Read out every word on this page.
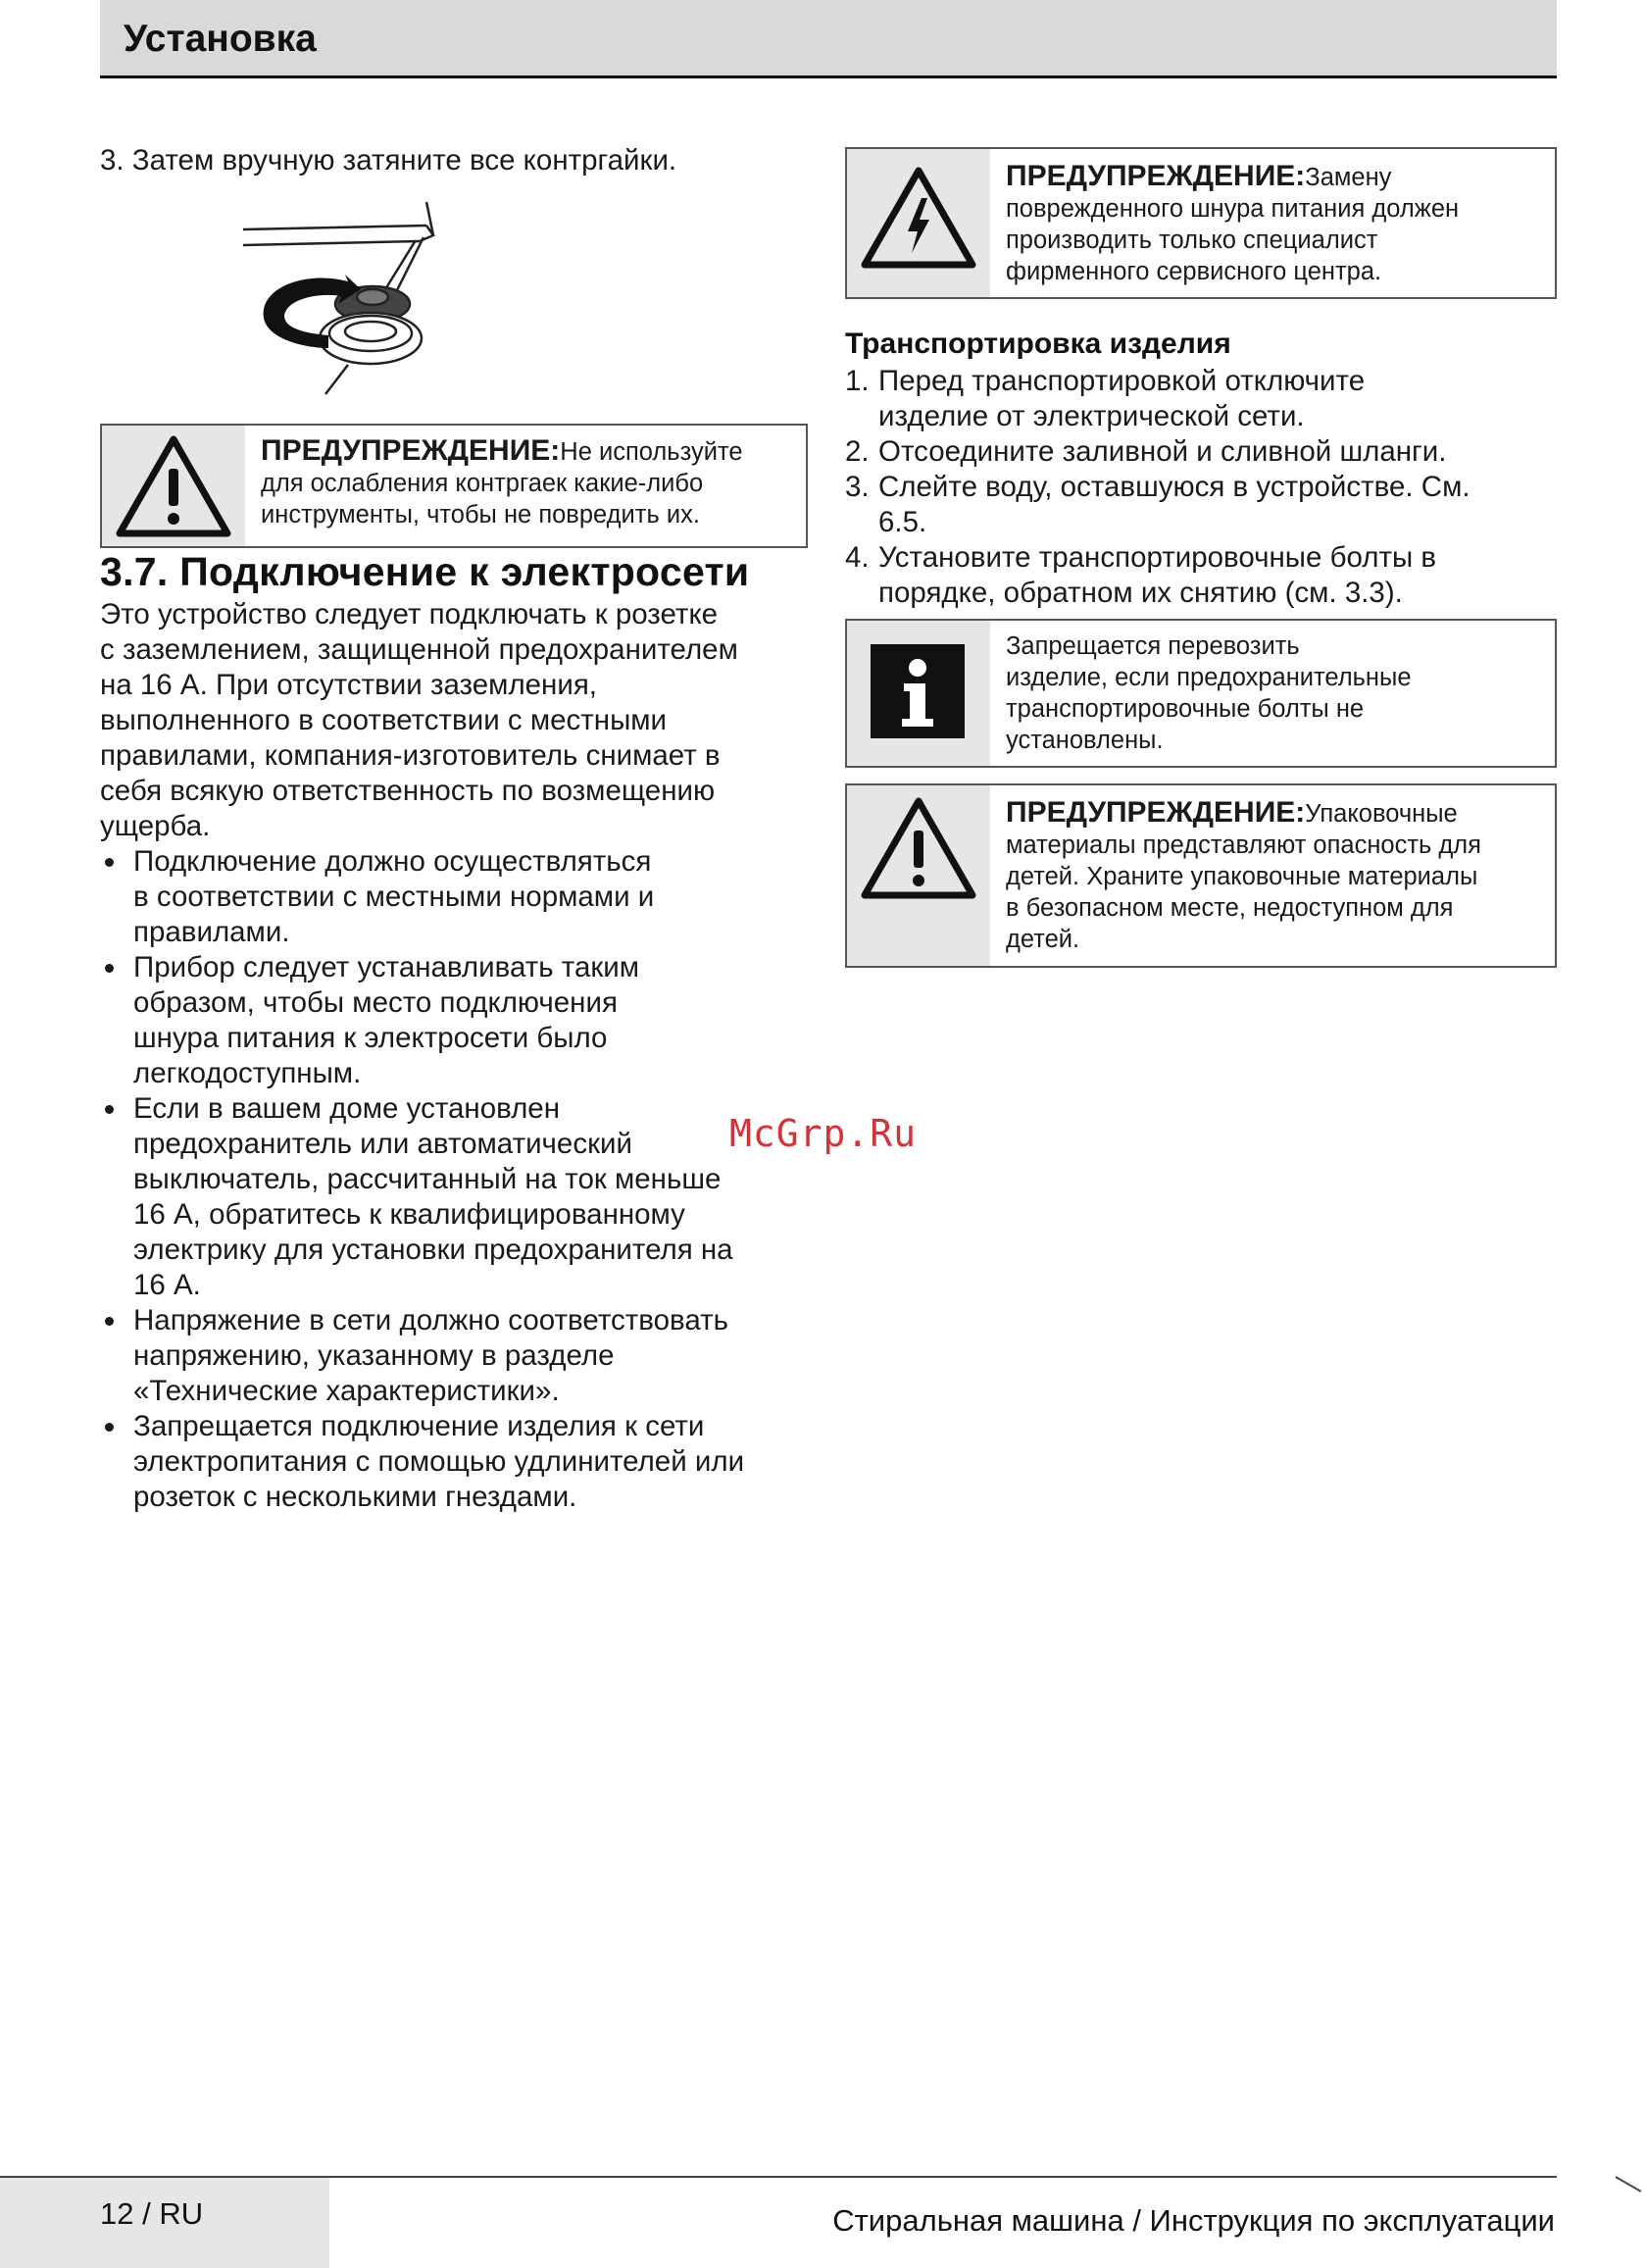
Установка
3. Затем вручную затяните все контргайки.
ПРЕДУПРЕЖДЕНИЕ:Не используйте
для ослабления контргаек какие-либо
инструменты, чтобы не повредить их.
3.7. Подключение к электросети
Это устройство следует подключать к розетке
с заземлением, защищенной предохранителем
на 16 А. При отсутствии заземления,
выполненного в соответствии с местными
правилами, компания-изготовитель снимает в
себя всякую ответственность по возмещению
ущерба.
Подключение должно осуществляться
в соответствии с местными нормами и
правилами.
Прибор следует устанавливать таким
образом, чтобы место подключения
шнура питания к электросети было
легкодоступным.
Если в вашем доме установлен
предохранитель или автоматический
выключатель, рассчитанный на ток меньше
16 А, обратитесь к квалифицированному
электрику для установки предохранителя на
16 А.
Напряжение в сети должно соответствовать
напряжению, указанному в разделе
«Технические характеристики».
Запрещается подключение изделия к сети
электропитания с помощью удлинителей или
розеток с несколькими гнездами.
ПРЕДУПРЕЖДЕНИЕ:Замену
поврежденного шнура питания должен
производить только специалист
фирменного сервисного центра.
Транспортировка изделия
1. Перед транспортировкой отключите
изделие от электрической сети.
2. Отсоедините заливной и сливной шланги.
3. Слейте воду, оставшуюся в устройстве. См.
6.5.
4. Установите транспортировочные болты в
порядке, обратном их снятию (см. 3.3).
Запрещается перевозить
изделие, если предохранительные
транспортировочные болты не
установлены.
ПРЕДУПРЕЖДЕНИЕ:Упаковочные
материалы представляют опасность для
детей. Храните упаковочные материалы
в безопасном месте, недоступном для
детей.
McGrp.Ru
12 / RU	Стиральная машина / Инструкция по эксплуатации
